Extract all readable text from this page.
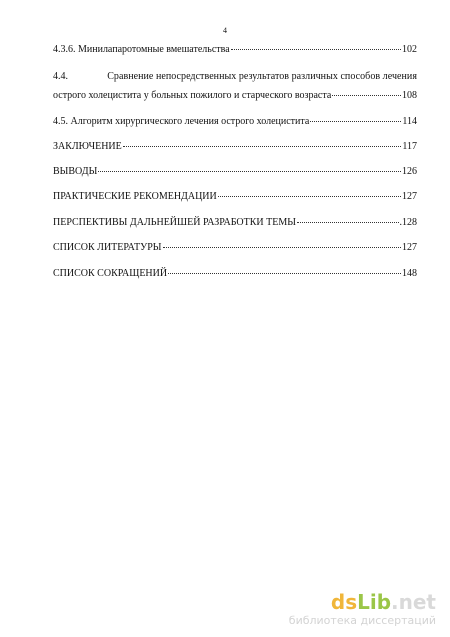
4
4.3.6. Минилапаротомные вмешательства	102
4.4.	Сравнение непосредственных результатов различных способов лечения
острого холецистита у больных пожилого и старческого возраста	108
4.5. Алгоритм хирургического лечения острого холецистита	114
ЗАКЛЮЧЕНИЕ	117
ВЫВОДЫ	126
ПРАКТИЧЕСКИЕ РЕКОМЕНДАЦИИ	127
ПЕРСПЕКТИВЫ ДАЛЬНЕЙШЕЙ РАЗРАБОТКИ ТЕМЫ	.128
СПИСОК ЛИТЕРАТУРЫ	127
СПИСОК СОКРАЩЕНИЙ	148
dsLib.net
библиотека диссертаций
